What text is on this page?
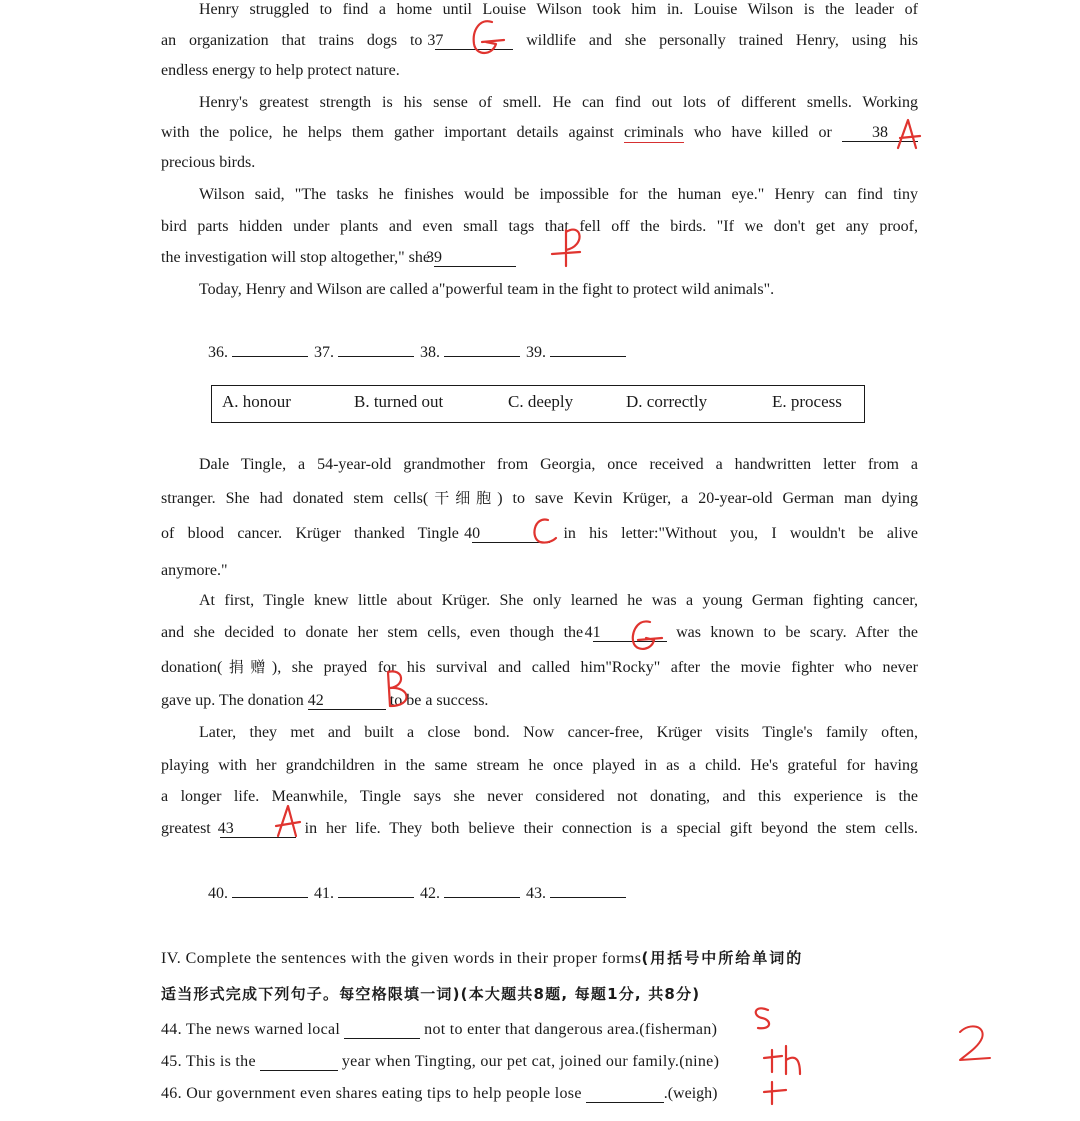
Henry struggled to find a home until Louise Wilson took him in. Louise Wilson is the leader of
an organization that trains dogs to 37	wildlife and she personally trained Henry, using his
endless energy to help protect nature.
Henry's greatest strength is his sense of smell. He can find out lots of different smells. Working
with the police, he helps them gather important details against criminals who have killed or	38
precious birds.
Wilson said, "The tasks he finishes would be impossible for the human eye." Henry can find tiny
bird parts hidden under plants and even small tags that fell off the birds. "If we don't get any proof,
the investigation will stop altogether," she 39
Today, Henry and Wilson are called a"powerful team in the fight to protect wild animals".
36.	37.	38.	39.
A. honour	B. turned out	C. deeply	D. correctly	E. process
Dale Tingle, a 54-year-old grandmother from Georgia, once received a handwritten letter from a
stranger. She had donated stem cells(干细胞) to save Kevin Krüger, a 20-year-old German man dying
of blood cancer. Krüger thanked Tingle 40	in his letter:"Without you, I wouldn't be alive
anymore."
At first, Tingle knew little about Krüger. She only learned he was a young German fighting cancer,
and she decided to donate her stem cells, even though the 41	was known to be scary. After the
donation(捐赠), she prayed for his survival and called him"Rocky" after the movie fighter who never
gave up. The donation 42	to be a success.
Later, they met and built a close bond. Now cancer-free, Krüger visits Tingle's family often,
playing with her grandchildren in the same stream he once played in as a child. He's grateful for having
a longer life. Meanwhile, Tingle says she never considered not donating, and this experience is the
greatest 43	in her life. They both believe their connection is a special gift beyond the stem cells.
40.	41.	42.	43.
IV. Complete the sentences with the given words in their proper forms(用括号中所给单词的
适当形式完成下列句子。每空格限填一词)(本大题共8题, 每题1分, 共8分)
44. The news warned local	not to enter that dangerous area.(fisherman)
45. This is the	year when Tingting, our pet cat, joined our family.(nine)
46. Our government even shares eating tips to help people lose	.(weigh)
